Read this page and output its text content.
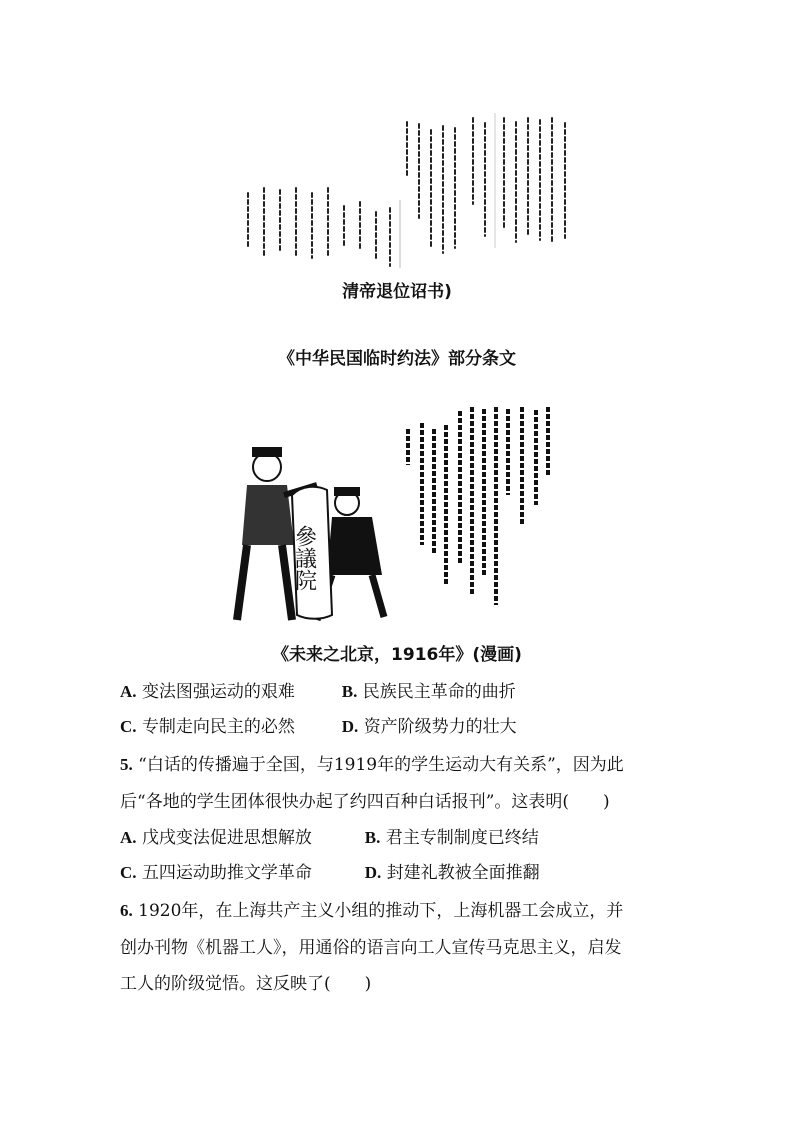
清帝退位诏书)
《中华民国临时约法》部分条文
參議院
《未来之北京，1916年》(漫画)
A. 变法图强运动的艰难	B. 民族民主革命的曲折
C. 专制走向民主的必然	D. 资产阶级势力的壮大
5. “白话的传播遍于全国，与1919年的学生运动大有关系”，因为此
后“各地的学生团体很快办起了约四百种白话报刊”。这表明(　　)
A. 戊戌变法促进思想解放	B. 君主专制制度已终结
C. 五四运动助推文学革命	D. 封建礼教被全面推翻
6. 1920年，在上海共产主义小组的推动下，上海机器工会成立，并
创办刊物《机器工人》，用通俗的语言向工人宣传马克思主义，启发
工人的阶级觉悟。这反映了(　　)
